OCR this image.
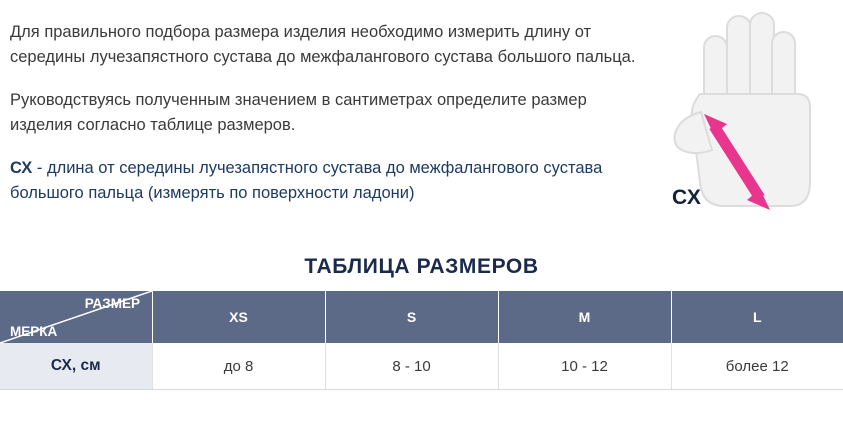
Для правильного подбора размера изделия необходимо измерить длину от середины лучезапястного сустава до межфалангового сустава большого пальца.

Руководствуясь полученным значением в сантиметрах определите размер изделия согласно таблице размеров.

СХ - длина от середины лучезапястного сустава до межфалангового сустава большого пальца (измерять по поверхности ладони)	СХ
ТАБЛИЦА РАЗМЕРОВ
РАЗМЕР
МЕРКА	XS	S	M	L
СХ, см	до 8	8 - 10	10 - 12	более 12
